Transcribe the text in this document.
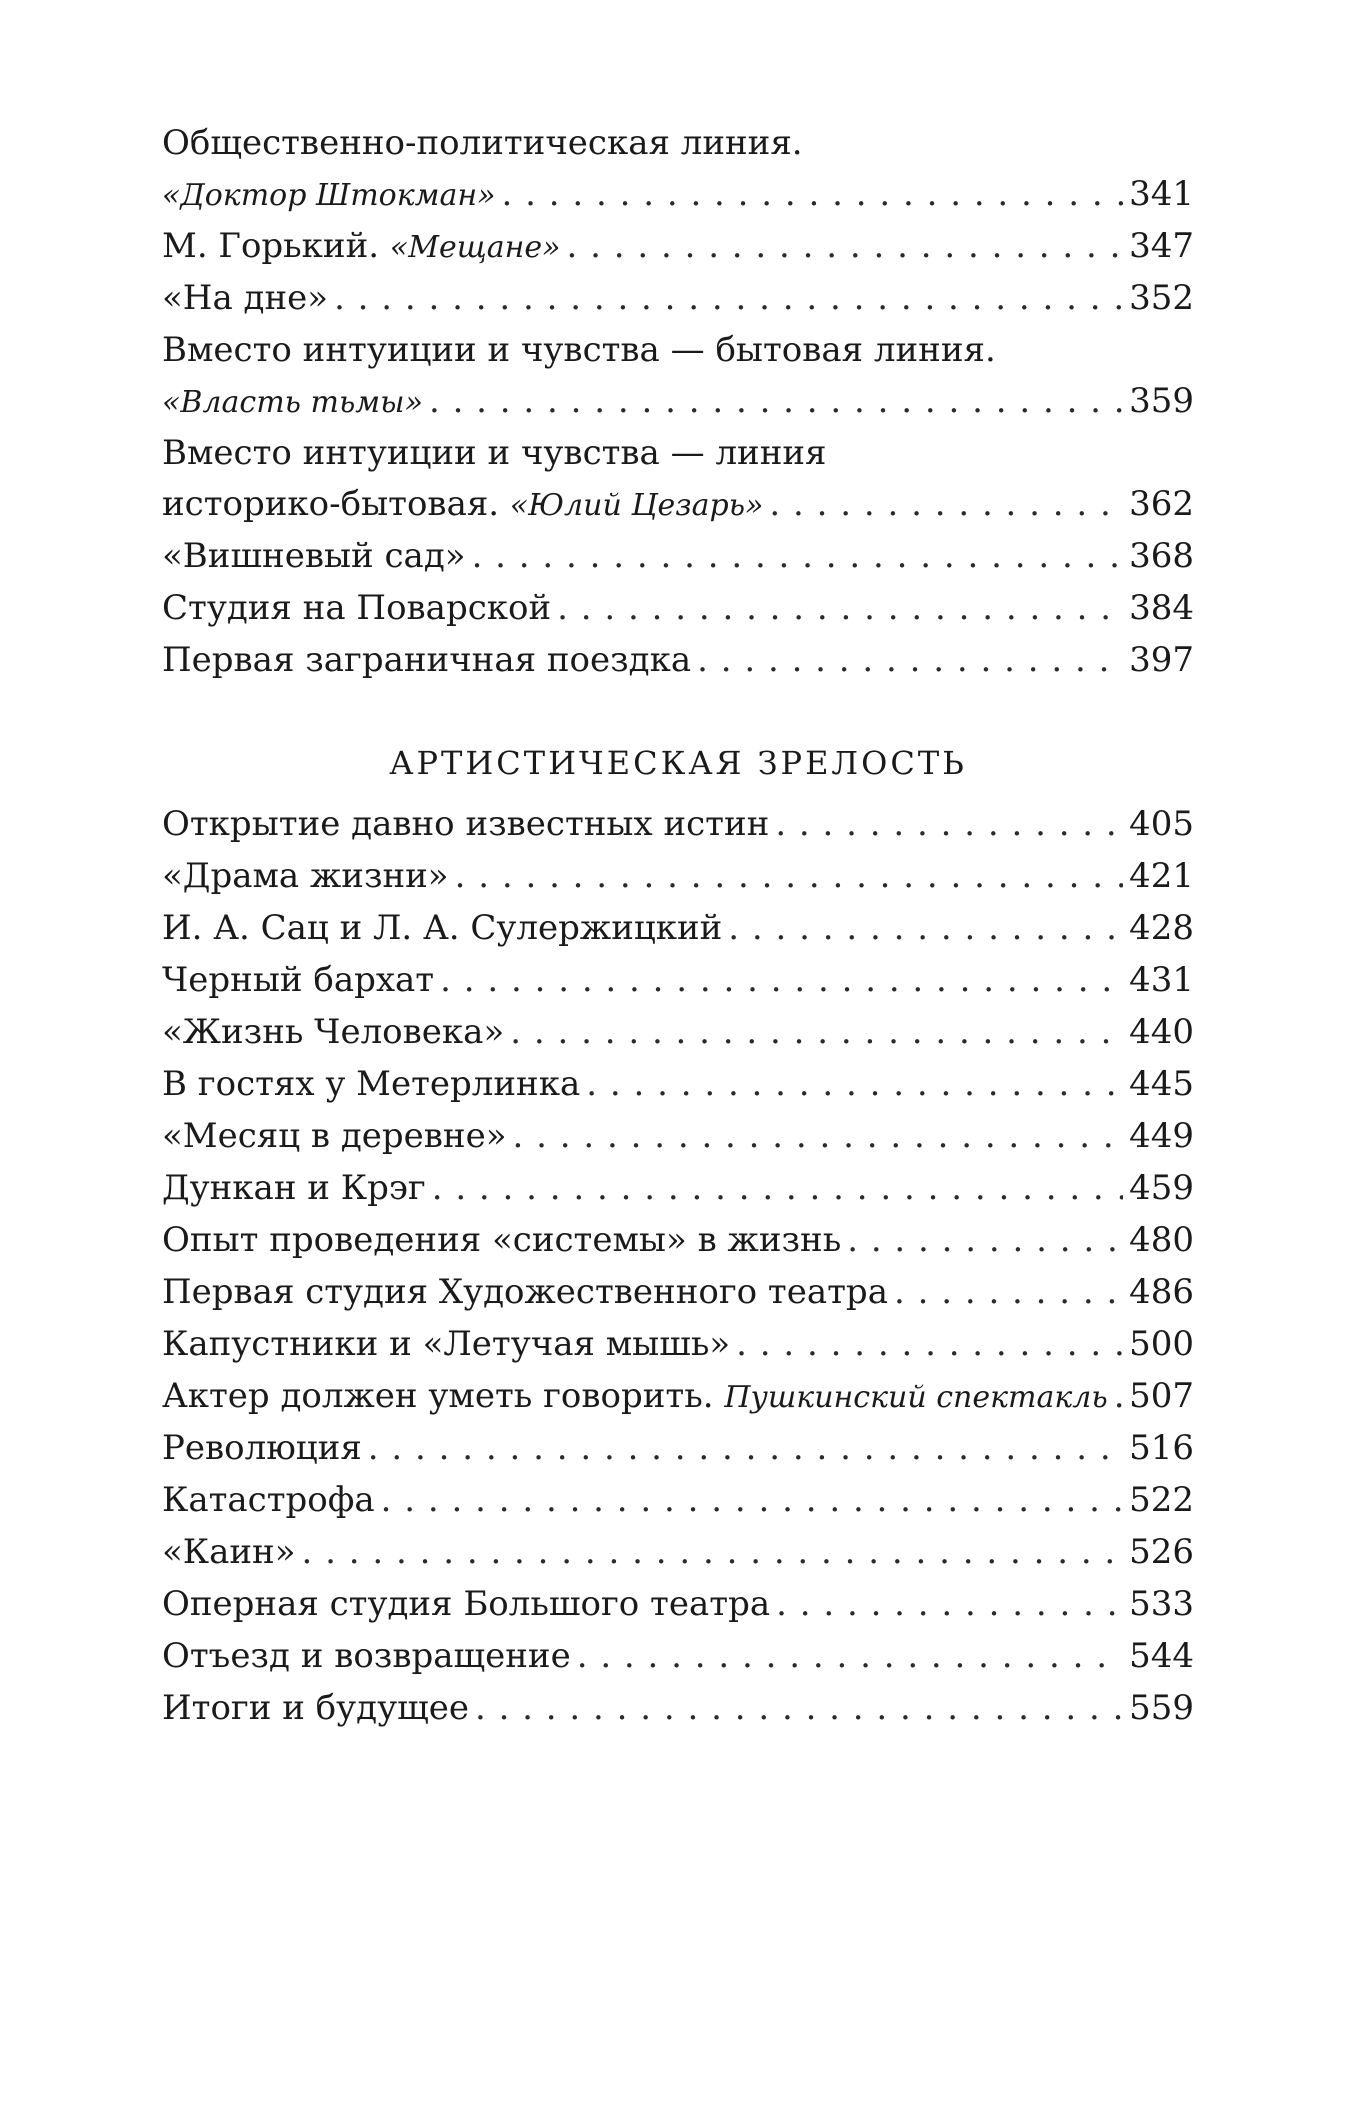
Общественно-политическая линия.
«Доктор Штокман» . . .	341
М. Горький. «Мещане» . . .	347
«На дне» . . .	352
Вместо интуиции и чувства — бытовая линия.
«Власть тьмы» . . .	359
Вместо интуиции и чувства — линия
историко-бытовая. «Юлий Цезарь» . . .	362
«Вишневый сад» . . .	368
Студия на Поварской . . .	384
Первая заграничная поездка . . .	397
АРТИСТИЧЕСКАЯ ЗРЕЛОСТЬ
Открытие давно известных истин . . .	405
«Драма жизни» . . .	421
И. А. Сац и Л. А. Сулержицкий . . .	428
Черный бархат . . .	431
«Жизнь Человека» . . .	440
В гостях у Метерлинка . . .	445
«Месяц в деревне» . . .	449
Дункан и Крэг . . .	459
Опыт проведения «системы» в жизнь . . .	480
Первая студия Художественного театра . . .	486
Капустники и «Летучая мышь» . . .	500
Актер должен уметь говорить. Пушкинский спектакль . . . 507
Революция . . .	516
Катастрофа . . .	522
«Каин» . . .	526
Оперная студия Большого театра . . .	533
Отъезд и возвращение . . .	544
Итоги и будущее . . .	559
